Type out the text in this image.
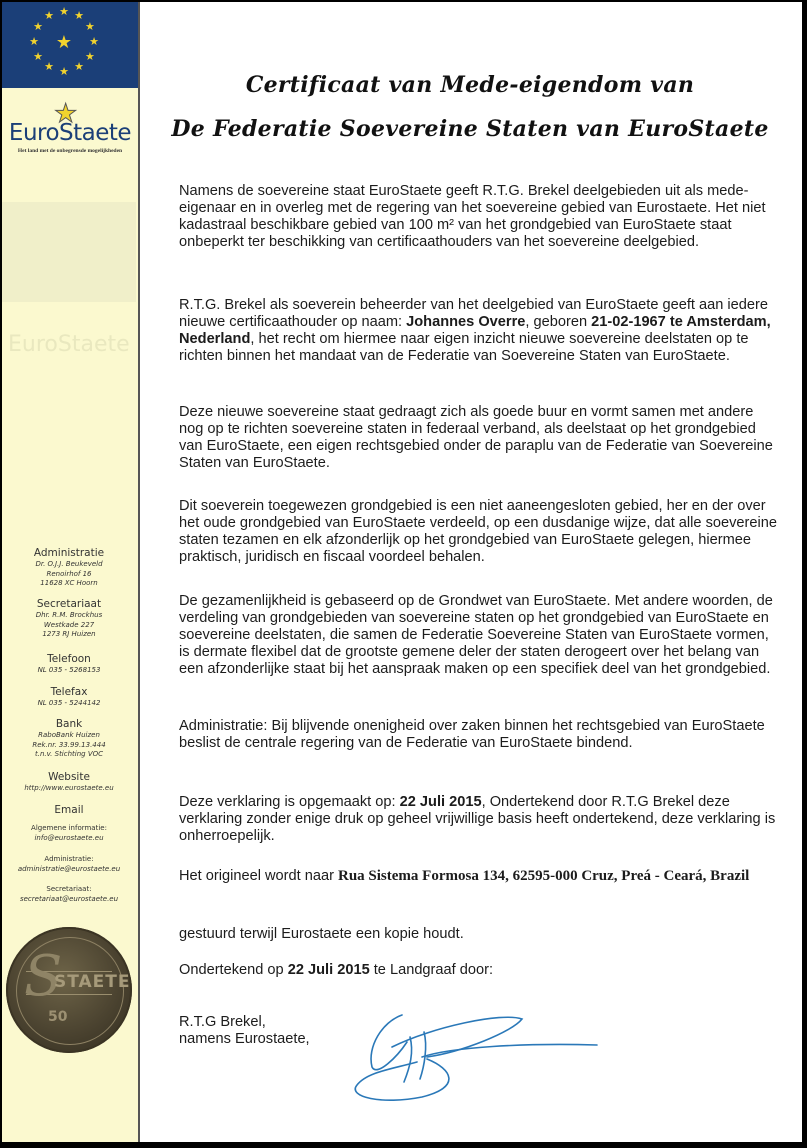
★ ★
★
★
★
★
★
★
★
★
★
★
★
★
EuroStaete
Het land met de onbegrensde mogelijkheden
EuroStaete
Administratie
Dr. O.J.J. Beukeveld
Renoirhof 16
11628 XC Hoorn
Secretariaat
Dhr. R.M. Brockhus
Westkade 227
1273 RJ Huizen
Telefoon
NL 035 - 5268153
Telefax
NL 035 - 5244142
Bank
RaboBank Huizen
Rek.nr. 33.99.13.444
t.n.v. Stichting VOC
Website
http://www.eurostaete.eu
Email
Algemene informatie:
info@eurostaete.eu
Administratie:
administratie@eurostaete.eu
Secretariaat:
secretariaat@eurostaete.eu
S
STAETE
50
Certificaat van Mede-eigendom van
De Federatie Soevereine Staten van EuroStaete

Namens de soevereine staat EuroStaete geeft R.T.G. Brekel deelgebieden uit als mede-eigenaar en in overleg met de regering van het soevereine gebied van Eurostaete. Het niet kadastraal beschikbare gebied van 100 m² van het grondgebied van EuroStaete staat onbeperkt ter beschikking van certificaathouders van het soevereine deelgebied.

R.T.G. Brekel als soeverein beheerder van het deelgebied van EuroStaete geeft aan iedere nieuwe certificaathouder op naam: Johannes Overre, geboren 21-02-1967 te Amsterdam, Nederland, het recht om hiermee naar eigen inzicht nieuwe soevereine deelstaten op te richten binnen het mandaat van de Federatie van Soevereine Staten van EuroStaete.

Deze nieuwe soevereine staat gedraagt zich als goede buur en vormt samen met andere nog op te richten soevereine staten in federaal verband, als deelstaat op het grondgebied van EuroStaete, een eigen rechtsgebied onder de paraplu van de Federatie van Soevereine Staten van EuroStaete.

Dit soeverein toegewezen grondgebied is een niet aaneengesloten gebied, her en der over het oude grondgebied van EuroStaete verdeeld, op een dusdanige wijze, dat alle soevereine staten tezamen en elk afzonderlijk op het grondgebied van EuroStaete gelegen, hiermee praktisch, juridisch en fiscaal voordeel behalen.

De gezamenlijkheid is gebaseerd op de Grondwet van EuroStaete. Met andere woorden, de verdeling van grondgebieden van soevereine staten op het grondgebied van EuroStaete en soevereine deelstaten, die samen de Federatie Soevereine Staten van EuroStaete vormen, is dermate flexibel dat de grootste gemene deler der staten derogeert over het belang van een afzonderlijke staat bij het aanspraak maken op een specifiek deel van het grondgebied.

Administratie: Bij blijvende onenigheid over zaken binnen het rechtsgebied van EuroStaete beslist de centrale regering van de Federatie van EuroStaete bindend.

Deze verklaring is opgemaakt op: 22 Juli 2015, Ondertekend door R.T.G Brekel deze verklaring zonder enige druk op geheel vrijwillige basis heeft ondertekend, deze verklaring is onherroepelijk.

Het origineel wordt naar Rua Sistema Formosa 134, 62595-000 Cruz, Preá - Ceará, Brazil

gestuurd terwijl Eurostaete een kopie houdt.

Ondertekend op 22 Juli 2015 te Landgraaf door:

R.T.G Brekel,

namens Eurostaete,
